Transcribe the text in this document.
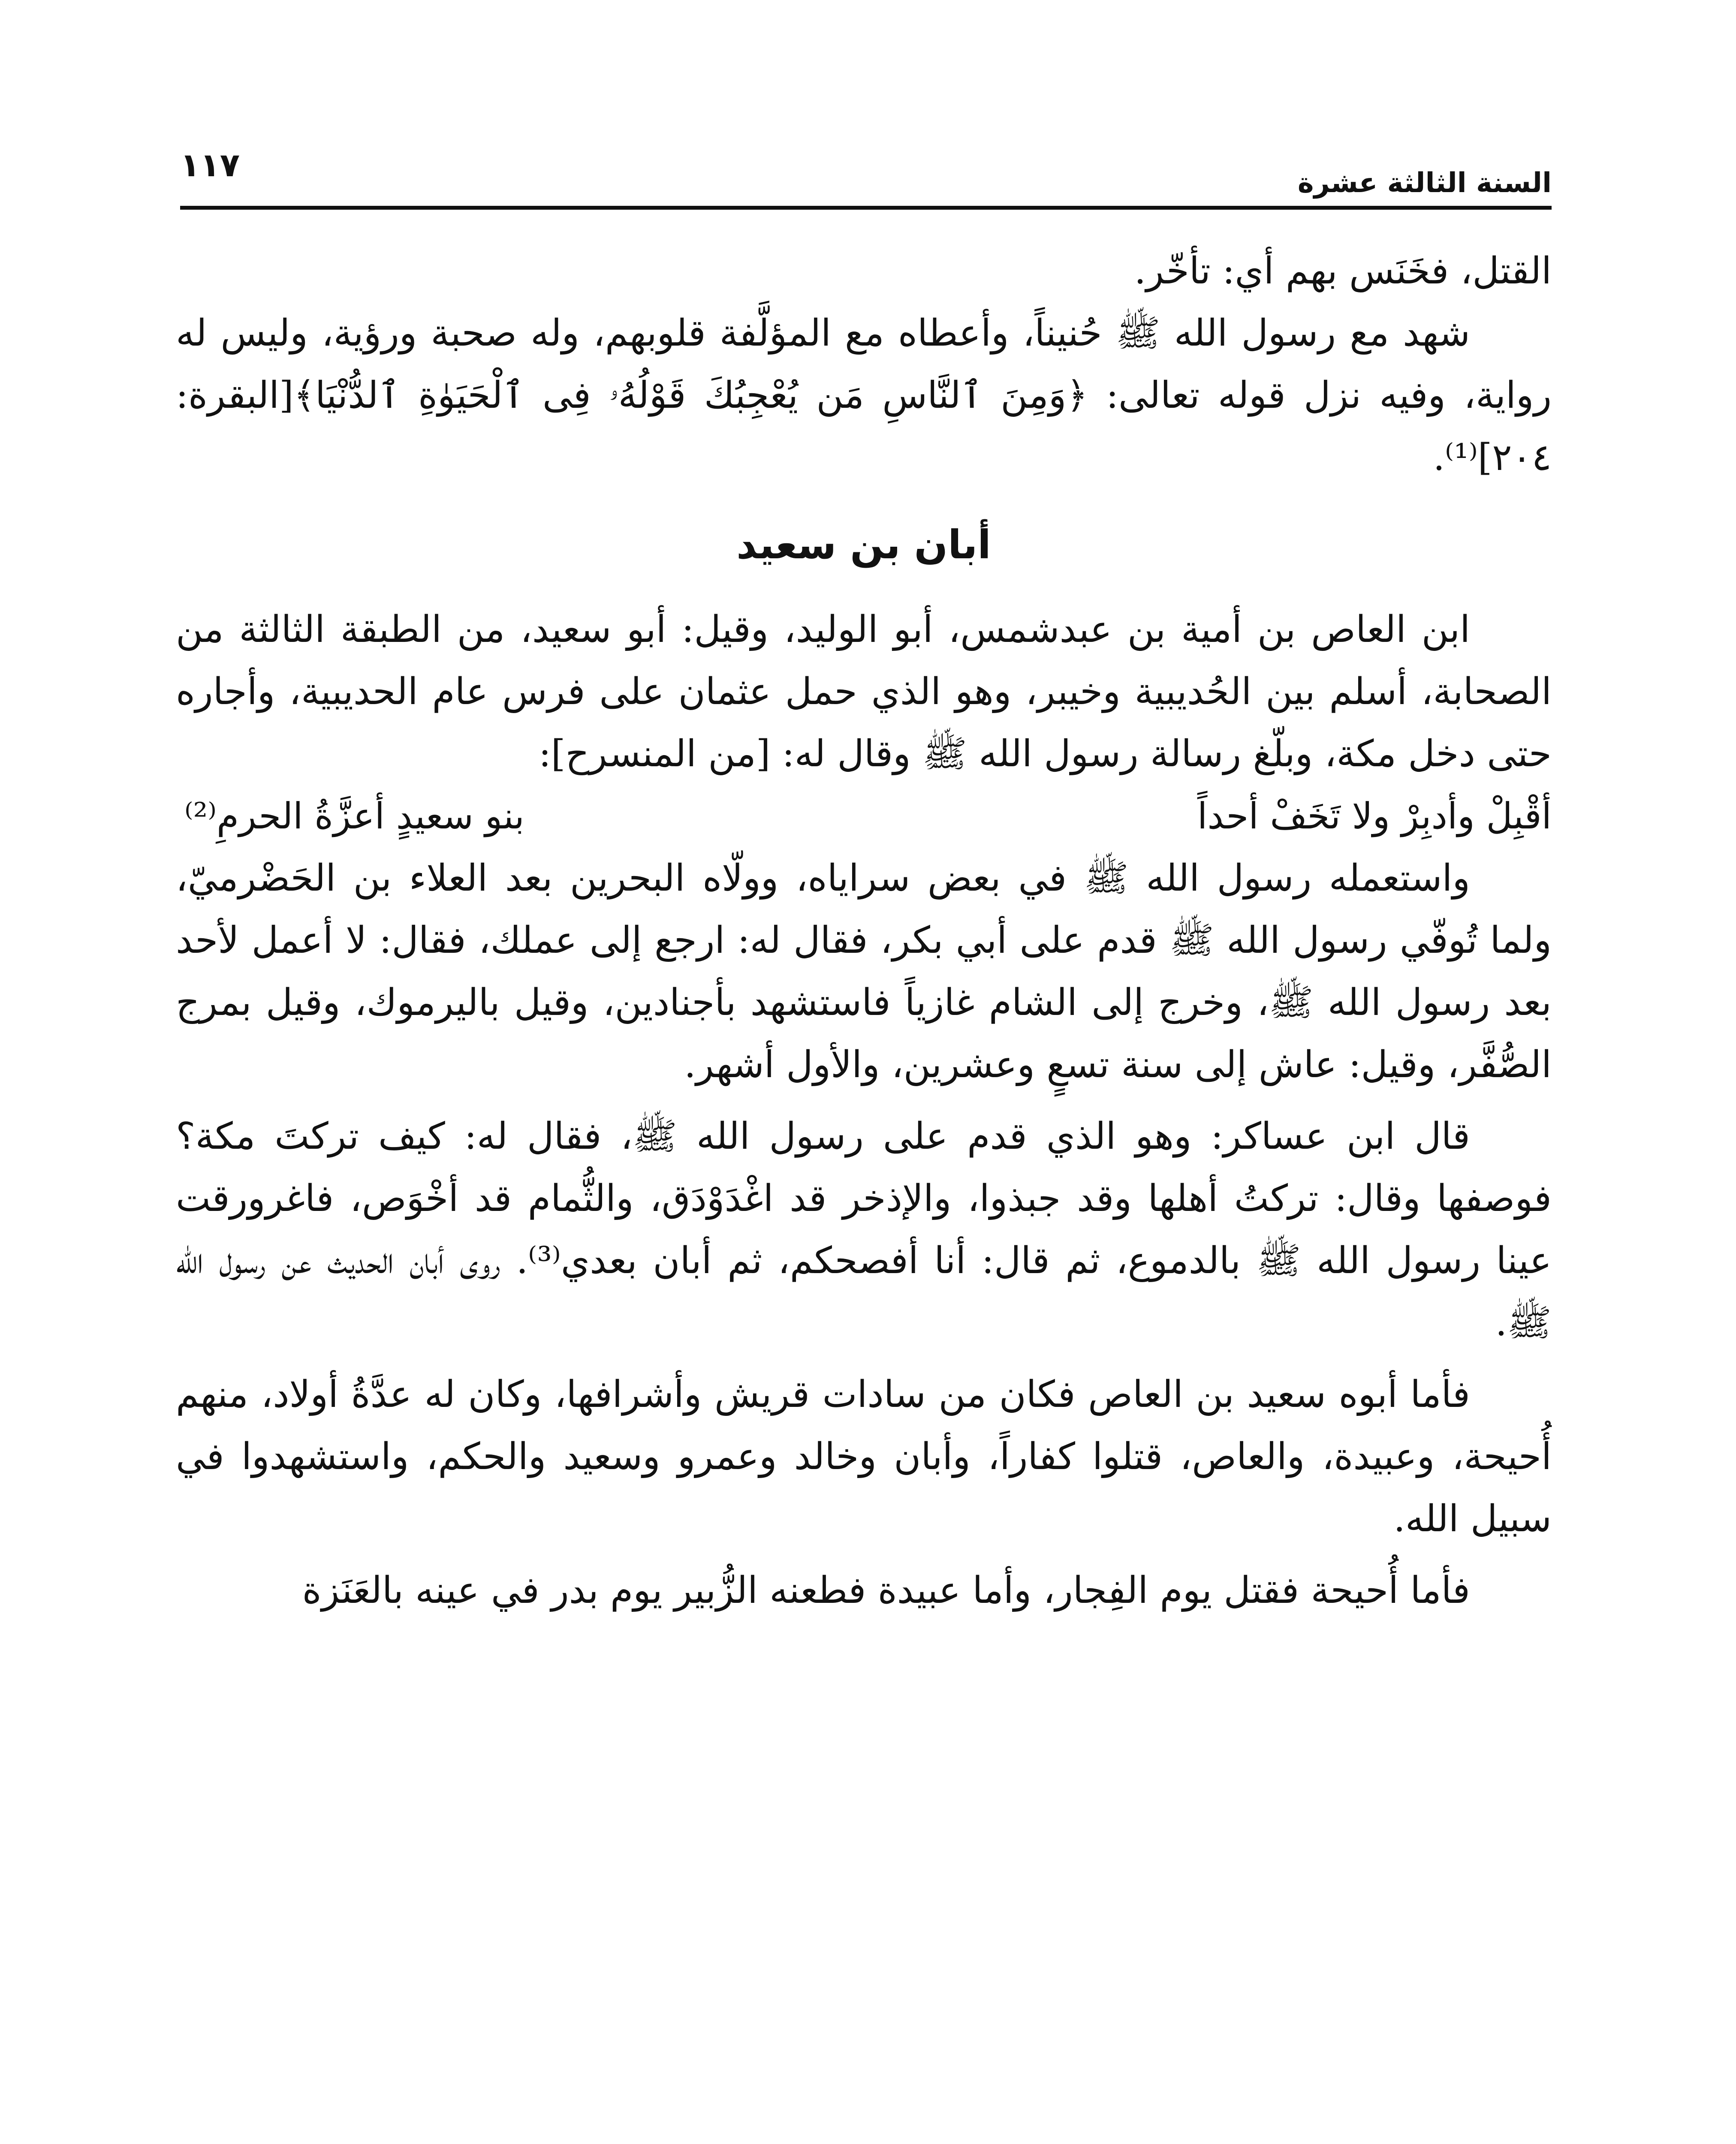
السنة الثالثة عشرة
١١٧

القتل، فخَنَس بهم أي: تأخّر.

شهد مع رسول الله ﷺ حُنيناً، وأعطاه مع المؤلَّفة قلوبهم، وله صحبة ورؤية، وليس له رواية، وفيه نزل قوله تعالى: ﴿وَمِنَ ٱلنَّاسِ مَن يُعْجِبُكَ قَوْلُهُۥ فِى ٱلْحَيَوٰةِ ٱلدُّنْيَا﴾[البقرة: ٢٠٤]⁽¹⁾.

أبان بن سعيد

ابن العاص بن أمية بن عبدشمس، أبو الوليد، وقيل: أبو سعيد، من الطبقة الثالثة من الصحابة، أسلم بين الحُديبية وخيبر، وهو الذي حمل عثمان على فرس عام الحديبية، وأجاره حتى دخل مكة، وبلّغ رسالة رسول الله ﷺ وقال له: [من المنسرح]:

أقْبِلْ وأدبِرْ ولا تَخَفْ أحداً
بنو سعيدٍ أعزَّةُ الحرمِ⁽²⁾

واستعمله رسول الله ﷺ في بعض سراياه، وولّاه البحرين بعد العلاء بن الحَضْرميّ، ولما تُوفّي رسول الله ﷺ قدم على أبي بكر، فقال له: ارجع إلى عملك، فقال: لا أعمل لأحد بعد رسول الله ﷺ، وخرج إلى الشام غازياً فاستشهد بأجنادين، وقيل باليرموك، وقيل بمرج الصُّفَّر، وقيل: عاش إلى سنة تسعٍ وعشرين، والأول أشهر.

قال ابن عساكر: وهو الذي قدم على رسول الله ﷺ، فقال له: كيف تركتَ مكة؟ فوصفها وقال: تركتُ أهلها وقد جبذوا، والإذخر قد اغْدَوْدَق، والثُّمام قد أخْوَص، فاغرورقت عينا رسول الله ﷺ بالدموع، ثم قال: أنا أفصحكم، ثم أبان بعدي⁽³⁾. روى أبان الحديث عن رسول الله ﷺ.

فأما أبوه سعيد بن العاص فكان من سادات قريش وأشرافها، وكان له عدَّةُ أولاد، منهم أُحيحة، وعبيدة، والعاص، قتلوا كفاراً، وأبان وخالد وعمرو وسعيد والحكم، واستشهدوا في سبيل الله.

فأما أُحيحة فقتل يوم الفِجار، وأما عبيدة فطعنه الزُّبير يوم بدر في عينه بالعَنَزة
